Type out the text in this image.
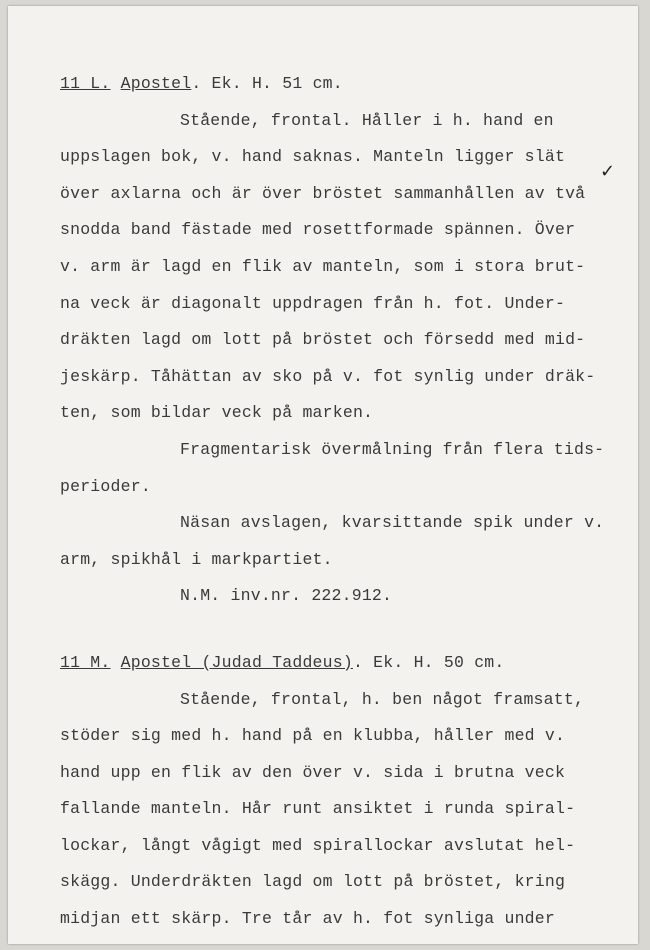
✓
11 L. Apostel. Ek. H. 51 cm.
Stående, frontal. Håller i h. hand en
uppslagen bok, v. hand saknas. Manteln ligger slät
över axlarna och är över bröstet sammanhållen av två
snodda band fästade med rosettformade spännen. Över
v. arm är lagd en flik av manteln, som i stora brut-
na veck är diagonalt uppdragen från h. fot. Under-
dräkten lagd om lott på bröstet och försedd med mid-
jeskärp. Tåhättan av sko på v. fot synlig under dräk-
ten, som bildar veck på marken.
Fragmentarisk övermålning från flera tids-
perioder.
Näsan avslagen, kvarsittande spik under v.
arm, spikhål i markpartiet.
N.M. inv.nr. 222.912.
11 M. Apostel (Judad Taddeus). Ek. H. 50 cm.
Stående, frontal, h. ben något framsatt,
stöder sig med h. hand på en klubba, håller med v.
hand upp en flik av den över v. sida i brutna veck
fallande manteln. Hår runt ansiktet i runda spiral-
lockar, långt vågigt med spirallockar avslutat hel-
skägg. Underdräkten lagd om lott på bröstet, kring
midjan ett skärp. Tre tår av h. fot synliga under
